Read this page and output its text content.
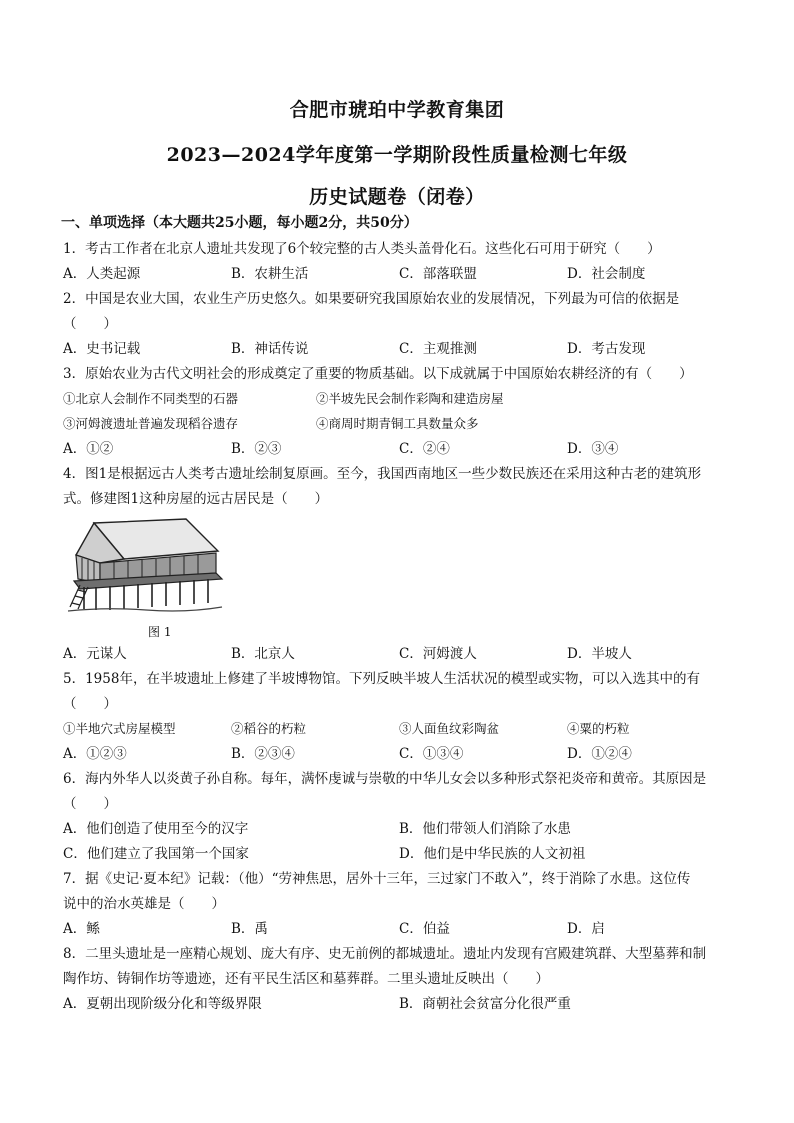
合肥市琥珀中学教育集团
2023—2024学年度第一学期阶段性质量检测七年级
历史试题卷（闭卷）
一、单项选择（本大题共25小题，每小题2分，共50分）
1．考古工作者在北京人遗址共发现了6个较完整的古人类头盖骨化石。这些化石可用于研究（　　）
A．人类起源	B．农耕生活	C．部落联盟	D．社会制度
2．中国是农业大国，农业生产历史悠久。如果要研究我国原始农业的发展情况，下列最为可信的依据是
（　　）
A．史书记载	B．神话传说	C．主观推测	D．考古发现
3．原始农业为古代文明社会的形成奠定了重要的物质基础。以下成就属于中国原始农耕经济的有（　　）
①北京人会制作不同类型的石器	②半坡先民会制作彩陶和建造房屋
③河姆渡遗址普遍发现稻谷遗存	④商周时期青铜工具数量众多
A．①②	B．②③	C．②④	D．③④
4．图1是根据远古人类考古遗址绘制复原画。至今，我国西南地区一些少数民族还在采用这种古老的建筑形
式。修建图1这种房屋的远古居民是（　　）
图 1
A．元谋人	B．北京人	C．河姆渡人	D．半坡人
5．1958年，在半坡遗址上修建了半坡博物馆。下列反映半坡人生活状况的模型或实物，可以入选其中的有
（　　）
①半地穴式房屋模型	②稻谷的朽粒	③人面鱼纹彩陶盆	④粟的朽粒
A．①②③	B．②③④	C．①③④	D．①②④
6．海内外华人以炎黄子孙自称。每年，满怀虔诚与崇敬的中华儿女会以多种形式祭祀炎帝和黄帝。其原因是
（　　）
A．他们创造了使用至今的汉字	B．他们带领人们消除了水患
C．他们建立了我国第一个国家	D．他们是中华民族的人文初祖
7．据《史记·夏本纪》记载：（他）“劳神焦思，居外十三年，三过家门不敢入”，终于消除了水患。这位传
说中的治水英雄是（　　）
A．鲧	B．禹	C．伯益	D．启
8．二里头遗址是一座精心规划、庞大有序、史无前例的都城遗址。遗址内发现有宫殿建筑群、大型墓葬和制
陶作坊、铸铜作坊等遗迹，还有平民生活区和墓葬群。二里头遗址反映出（　　）
A．夏朝出现阶级分化和等级界限	B．商朝社会贫富分化很严重
